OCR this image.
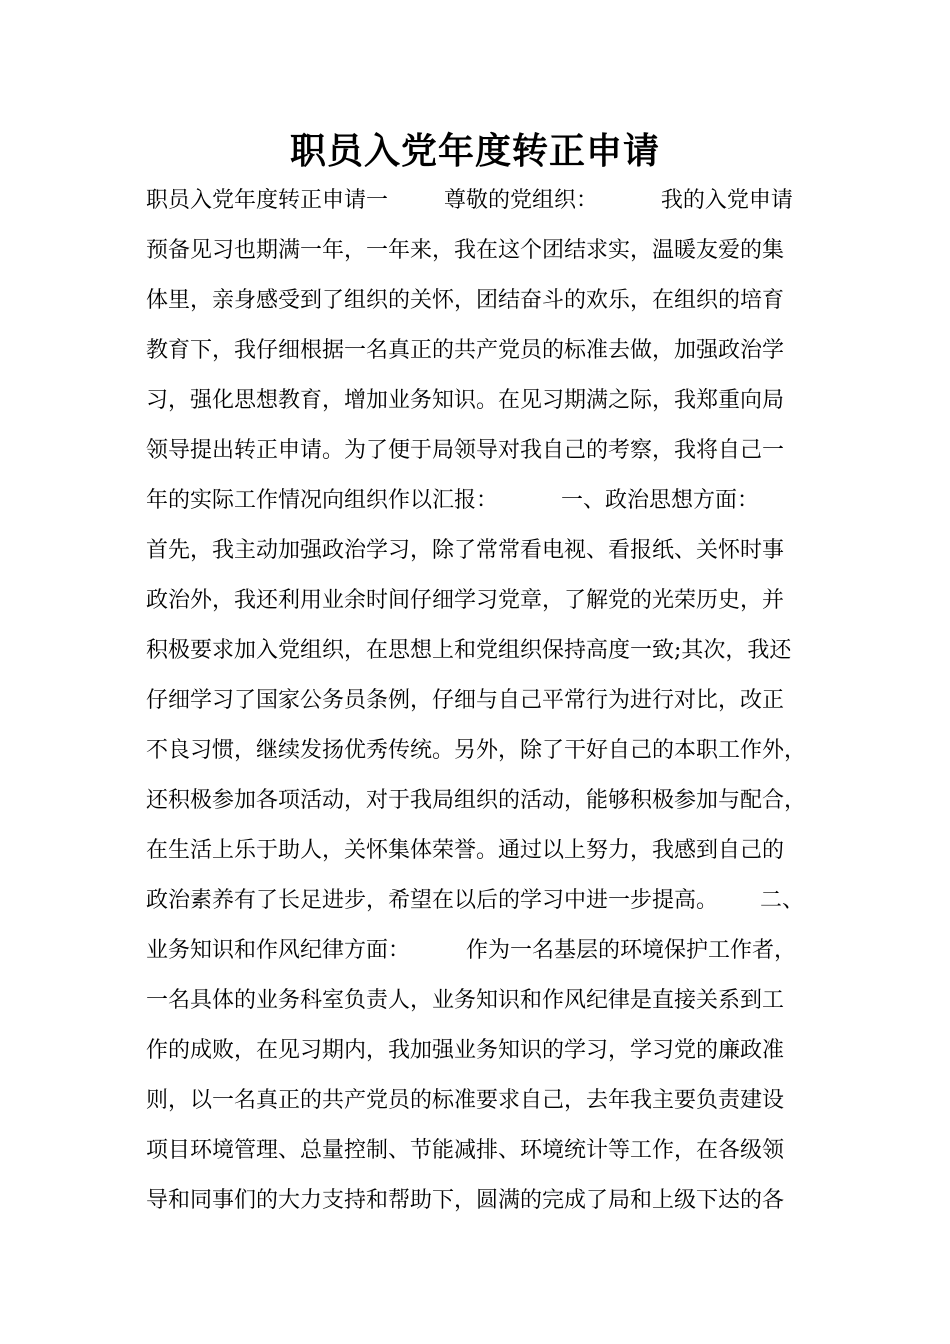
职员入党年度转正申请
职员入党年度转正申请一        尊敬的党组织：         我的入党申请
预备见习也期满一年，一年来，我在这个团结求实，温暖友爱的集
体里，亲身感受到了组织的关怀，团结奋斗的欢乐，在组织的培育
教育下，我仔细根据一名真正的共产党员的标准去做，加强政治学
习，强化思想教育，增加业务知识。在见习期满之际，我郑重向局
领导提出转正申请。为了便于局领导对我自己的考察，我将自己一
年的实际工作情况向组织作以汇报：         一、政治思想方面：
首先，我主动加强政治学习，除了常常看电视、看报纸、关怀时事
政治外，我还利用业余时间仔细学习党章，了解党的光荣历史，并
积极要求加入党组织，在思想上和党组织保持高度一致;其次，我还
仔细学习了国家公务员条例，仔细与自己平常行为进行对比，改正
不良习惯，继续发扬优秀传统。另外，除了干好自己的本职工作外，
还积极参加各项活动，对于我局组织的活动，能够积极参加与配合，
在生活上乐于助人，关怀集体荣誉。通过以上努力，我感到自己的
政治素养有了长足进步，希望在以后的学习中进一步提高。      二、
业务知识和作风纪律方面：        作为一名基层的环境保护工作者，
一名具体的业务科室负责人，业务知识和作风纪律是直接关系到工
作的成败，在见习期内，我加强业务知识的学习，学习党的廉政准
则，以一名真正的共产党员的标准要求自己，去年我主要负责建设
项目环境管理、总量控制、节能减排、环境统计等工作，在各级领
导和同事们的大力支持和帮助下，圆满的完成了局和上级下达的各
